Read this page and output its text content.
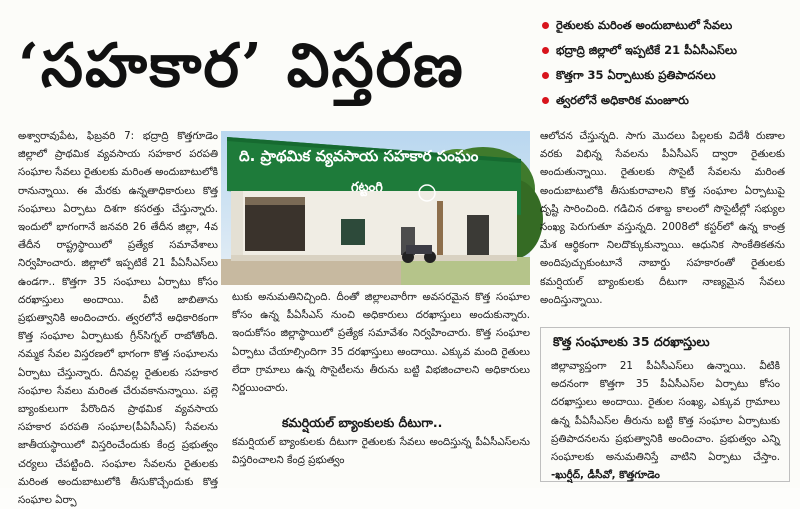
‘సహకార’ విస్తరణ
రైతులకు మరింత అందుబాటులో సేవలు
భద్రాద్రి జిల్లాలో ఇప్పటికే 21 పీఏసీఎస్‌లు
కొత్తగా 35 ఏర్పాటుకు ప్రతిపాదనలు
త్వరలోనే అధికారిక మంజూరు

అశ్వారావుపేట, ఫిబ్రవరి 7: భద్రాద్రి కొత్తగూడెం జిల్లాలో ప్రాథమిక వ్యవసాయ సహకార పరపతి సంఘాల సేవలు రైతులకు మరింత అందుబాటులోకి రానున్నాయి. ఈ మేరకు ఉన్నతాధికారులు కొత్త సంఘాలు ఏర్పాటు దిశగా కసరత్తు చేస్తున్నారు. ఇందులో భాగంగానే జనవరి 26 తేదీన జిల్లా, 4వ తేదీన రాష్ట్రస్థాయిలో ప్రత్యేక సమావేశాలు నిర్వహించారు. జిల్లాలో ఇప్పటికే 21 పీఏసీఎస్‌లు ఉండగా.. కొత్తగా 35 సంఘాలు ఏర్పాటు కోసం దరఖాస్తులు అందాయి. వీటి జాబితాను ప్రభుత్వానికి అందించారు. త్వరలోనే అధికారికంగా కొత్త సంఘాల ఏర్పాటుకు గ్రీన్‌సిగ్నల్ రాబోతోంది. నమ్మక సేవల విస్తరణలో భాగంగా కొత్త సంఘాలను ఏర్పాటు చేస్తున్నారు. దీనివల్ల రైతులకు సహకార సంఘాల సేవలు మరింత చేరువకానున్నాయి. పల్లె బ్యాంకులుగా పేరొందిన ప్రాథమిక వ్యవసాయ సహకార పరపతి సంఘాల(పీఏసీఎస్) సేవలను జాతీయస్థాయిలో విస్తరించేందుకు కేంద్ర ప్రభుత్వం చర్యలు చేపట్టింది. సంఘాల సేవలను రైతులకు మరింత అందుబాటులోకి తీసుకొచ్చేందుకు కొత్త సంఘాల ఏర్పా

ది. ప్రాథమిక వ్యవసాయ సహకార సంఘం
గట్టంగి

టుకు అనుమతినిచ్చింది. దీంతో జిల్లాలవారీగా అవసరమైన కొత్త సంఘాల కోసం ఉన్న పీఏసీఎస్ నుంచి అధికారులు దరఖాస్తులు అందుకున్నారు. ఇందుకోసం జిల్లాస్థాయిలో ప్రత్యేక సమావేశం నిర్వహించారు. కొత్త సంఘాల ఏర్పాటు చేయాల్సిందిగా 35 దరఖాస్తులు అందాయి. ఎక్కువ మంది రైతులు లేదా గ్రామాలు ఉన్న సొసైటీలను తీరును బట్టి విభజించాలని అధికారులు నిర్ణయించారు.

కమర్షియల్ బ్యాంకులకు దీటుగా..

కమర్షియల్ బ్యాంకులకు దీటుగా రైతులకు సేవలు అందిస్తున్న పీఏసీఎస్‌లను విస్తరించాలని కేంద్ర ప్రభుత్వం

ఆలోచన చేస్తున్నది. సాగు మొదలు పిల్లలకు విదేశీ రుణాల వరకు విభిన్న సేవలను పీఏసీఎస్ ద్వారా రైతులకు అందుతున్నాయి. రైతులకు సొసైటీ సేవలను మరింత అందుబాటులోకి తీసుకురావాలని కొత్త సంఘాల ఏర్పాటుపై దృష్టి సారించింది. గడిచిన దశాబ్ద కాలంలో సొసైటీల్లో సభ్యుల సంఖ్య పెరుగుతూ వస్తున్నది. 2008లో కస్టర్‌లో ఉన్న కాంత్ర మేశ ఆర్థికంగా నిలదొక్కుకున్నాయి. ఆధునిక సాంకేతికతను అందిపుచ్చుకుంటూనే నాబార్డు సహకారంతో రైతులకు కమర్షియల్ బ్యాంకులకు దీటుగా నాణ్యమైన సేవలు అందిస్తున్నాయి.

కొత్త సంఘాలకు 35 దరఖాస్తులు
జిల్లావ్యాప్తంగా 21 పీఏసీఎస్‌లు ఉన్నాయి. వీటికి అదనంగా కొత్తగా 35 పీఏసీఎస్‌ల ఏర్పాటు కోసం దరఖాస్తులు అందాయి. రైతుల సంఖ్య, ఎక్కువ గ్రామాలు ఉన్న పీఏసీఎస్‌ల తీరును బట్టి కొత్త సంఘాల ఏర్పాటుకు ప్రతిపాదనలను ప్రభుత్వానికి అందించాం. ప్రభుత్వం ఎన్ని సంఘాలకు అనుమతినిస్తే వాటిని ఏర్పాటు చేస్తాం. -ఖుర్షీద్, డీసీవో, కొత్తగూడెం
